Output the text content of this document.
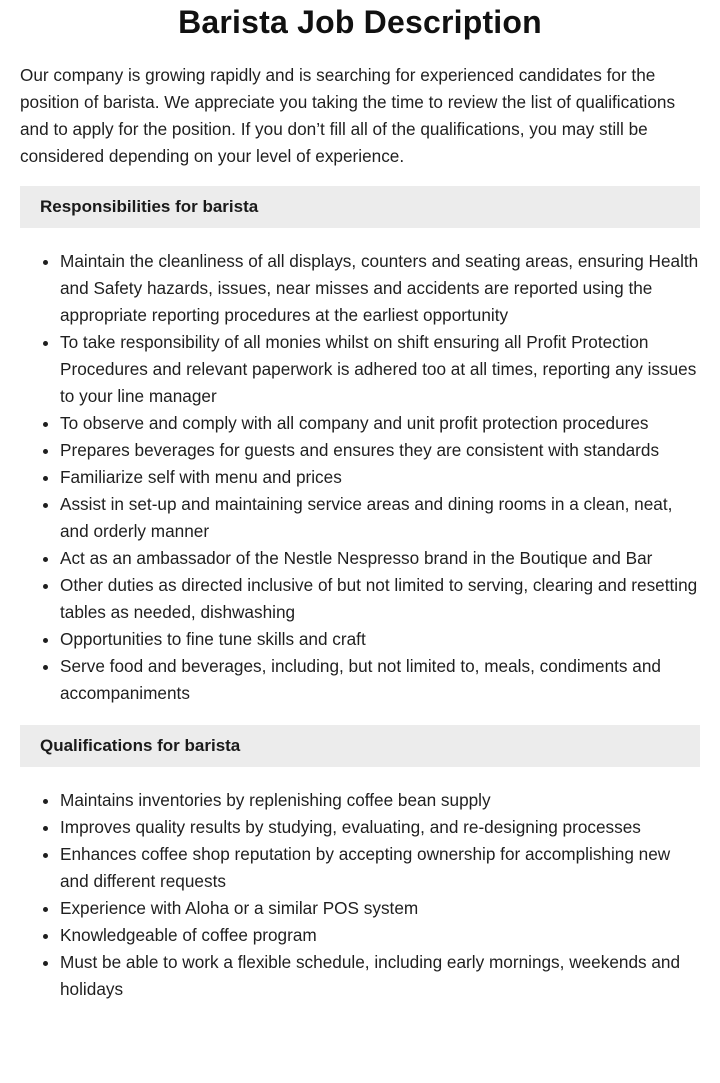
Barista Job Description

Our company is growing rapidly and is searching for experienced candidates for the position of barista. We appreciate you taking the time to review the list of qualifications and to apply for the position. If you don’t fill all of the qualifications, you may still be considered depending on your level of experience.

Responsibilities for barista
• Maintain the cleanliness of all displays, counters and seating areas, ensuring Health and Safety hazards, issues, near misses and accidents are reported using the appropriate reporting procedures at the earliest opportunity
• To take responsibility of all monies whilst on shift ensuring all Profit Protection Procedures and relevant paperwork is adhered too at all times, reporting any issues to your line manager
• To observe and comply with all company and unit profit protection procedures
• Prepares beverages for guests and ensures they are consistent with standards
• Familiarize self with menu and prices
• Assist in set-up and maintaining service areas and dining rooms in a clean, neat, and orderly manner
• Act as an ambassador of the Nestle Nespresso brand in the Boutique and Bar
• Other duties as directed inclusive of but not limited to serving, clearing and resetting tables as needed, dishwashing
• Opportunities to fine tune skills and craft
• Serve food and beverages, including, but not limited to, meals, condiments and accompaniments
Qualifications for barista
• Maintains inventories by replenishing coffee bean supply
• Improves quality results by studying, evaluating, and re-designing processes
• Enhances coffee shop reputation by accepting ownership for accomplishing new and different requests
• Experience with Aloha or a similar POS system
• Knowledgeable of coffee program
• Must be able to work a flexible schedule, including early mornings, weekends and holidays
